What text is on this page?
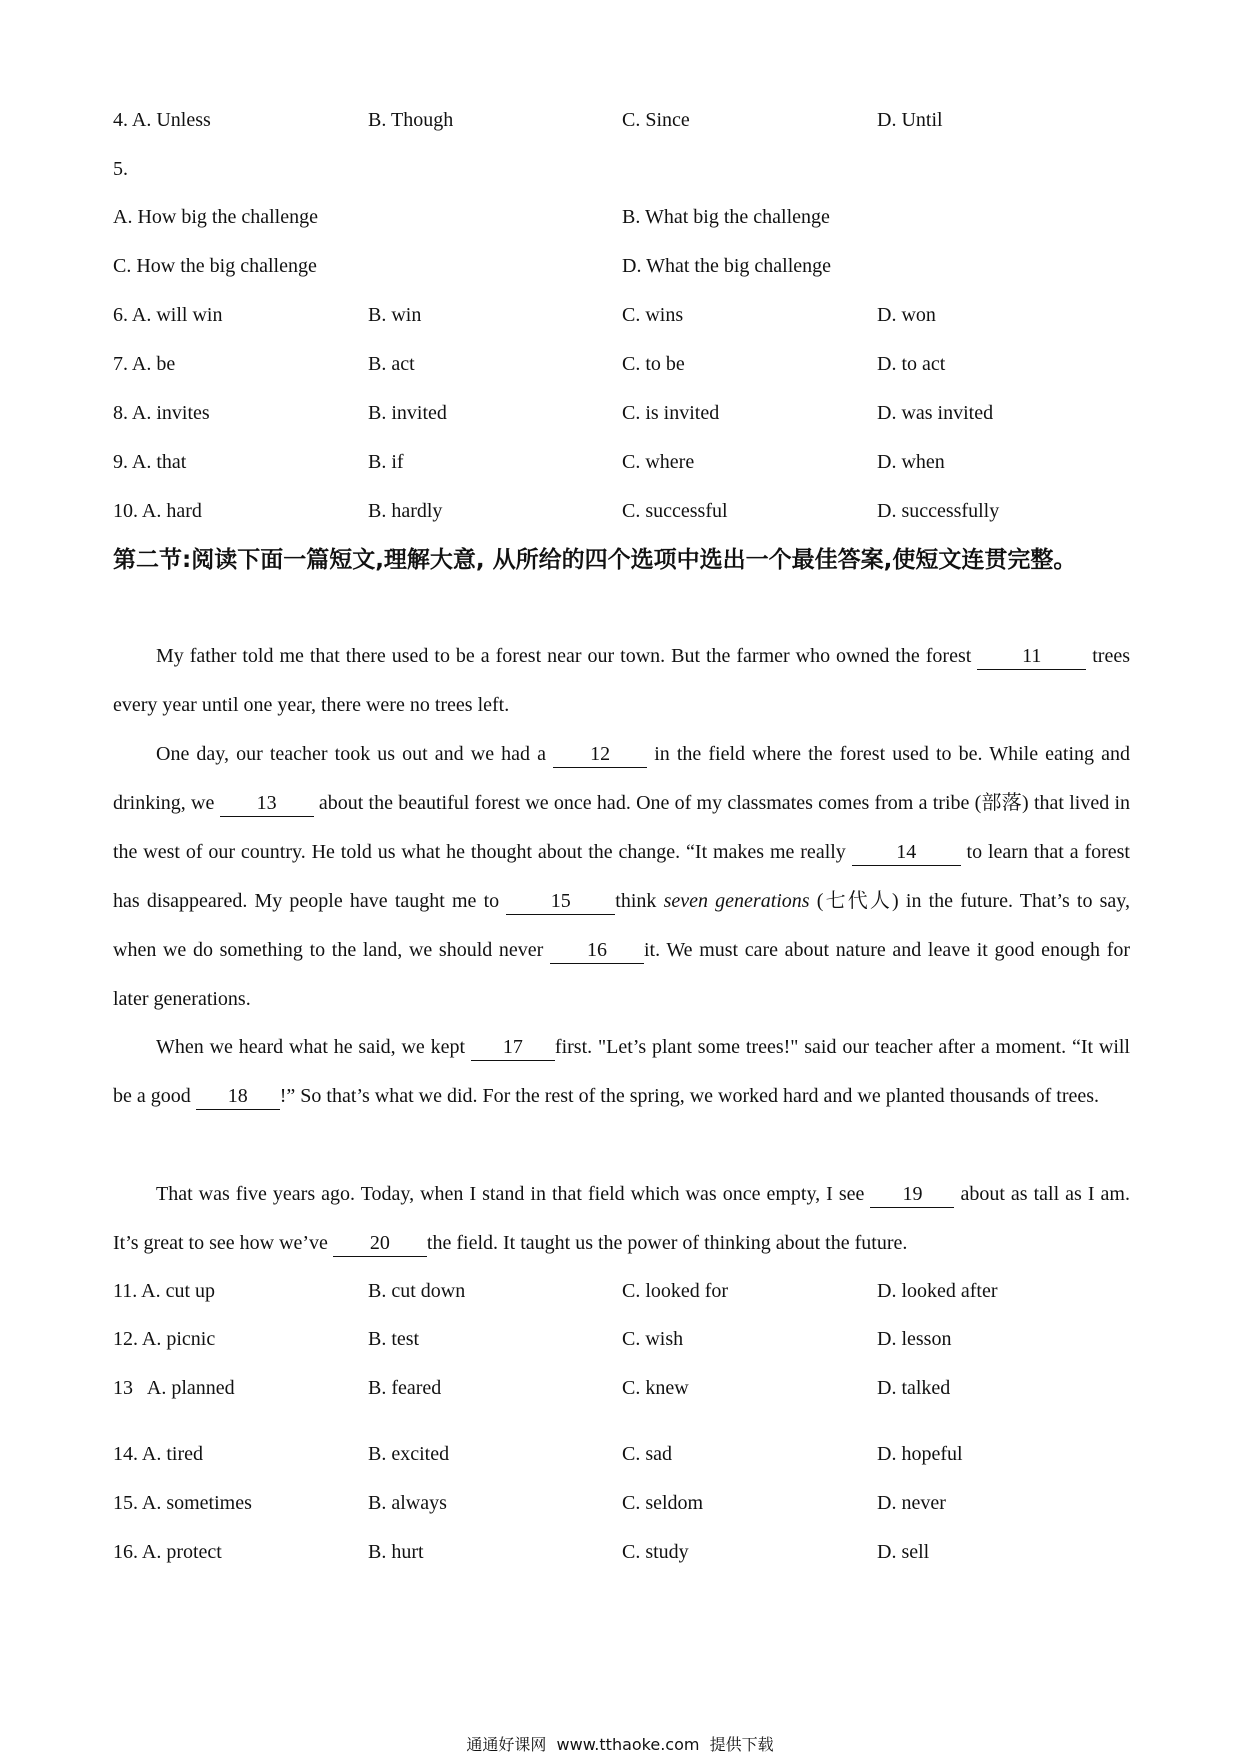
4. A. Unless	B. Though	C. Since	D. Until
5.
A. How big the challenge	B. What big the challenge
C. How the big challenge	D. What the big challenge
6. A. will win	B. win	C. wins	D. won
7. A. be	B. act	C. to be	D. to act
8. A. invites	B. invited	C. is invited	D. was invited
9. A. that	B. if	C. where	D. when
10. A. hard	B. hardly	C. successful	D. successfully
第二节:阅读下面一篇短文,理解大意, 从所给的四个选项中选出一个最佳答案,使短文连贯完整。

My father told me that there used to be a forest near our town. But the farmer who owned the forest 11 trees every year until one year, there were no trees left.

One day, our teacher took us out and we had a 12 in the field where the forest used to be. While eating and drinking, we 13 about the beautiful forest we once had. One of my classmates comes from a tribe (部落) that lived in the west of our country. He told us what he thought about the change. “It makes me really 14 to learn that a forest has disappeared. My people have taught me to 15 think seven generations (七代人) in the future. That’s to say, when we do something to the land, we should never 16 it. We must care about nature and leave it good enough for later generations.

When we heard what he said, we kept 17 first. "Let’s plant some trees!" said our teacher after a moment. “It will be a good 18 !” So that’s what we did. For the rest of the spring, we worked hard and we planted thousands of trees.

That was five years ago. Today, when I stand in that field which was once empty, I see 19 about as tall as I am. It’s great to see how we’ve 20 the field. It taught us the power of thinking about the future.

11. A. cut up	B. cut down	C. looked for	D. looked after
12. A. picnic	B. test	C. wish	D. lesson
13   A. planned	B. feared	C. knew	D. talked
14. A. tired	B. excited	C. sad	D. hopeful
15. A. sometimes	B. always	C. seldom	D. never
16. A. protect	B. hurt	C. study	D. sell
通通好课网  www.tthaoke.com  提供下载
